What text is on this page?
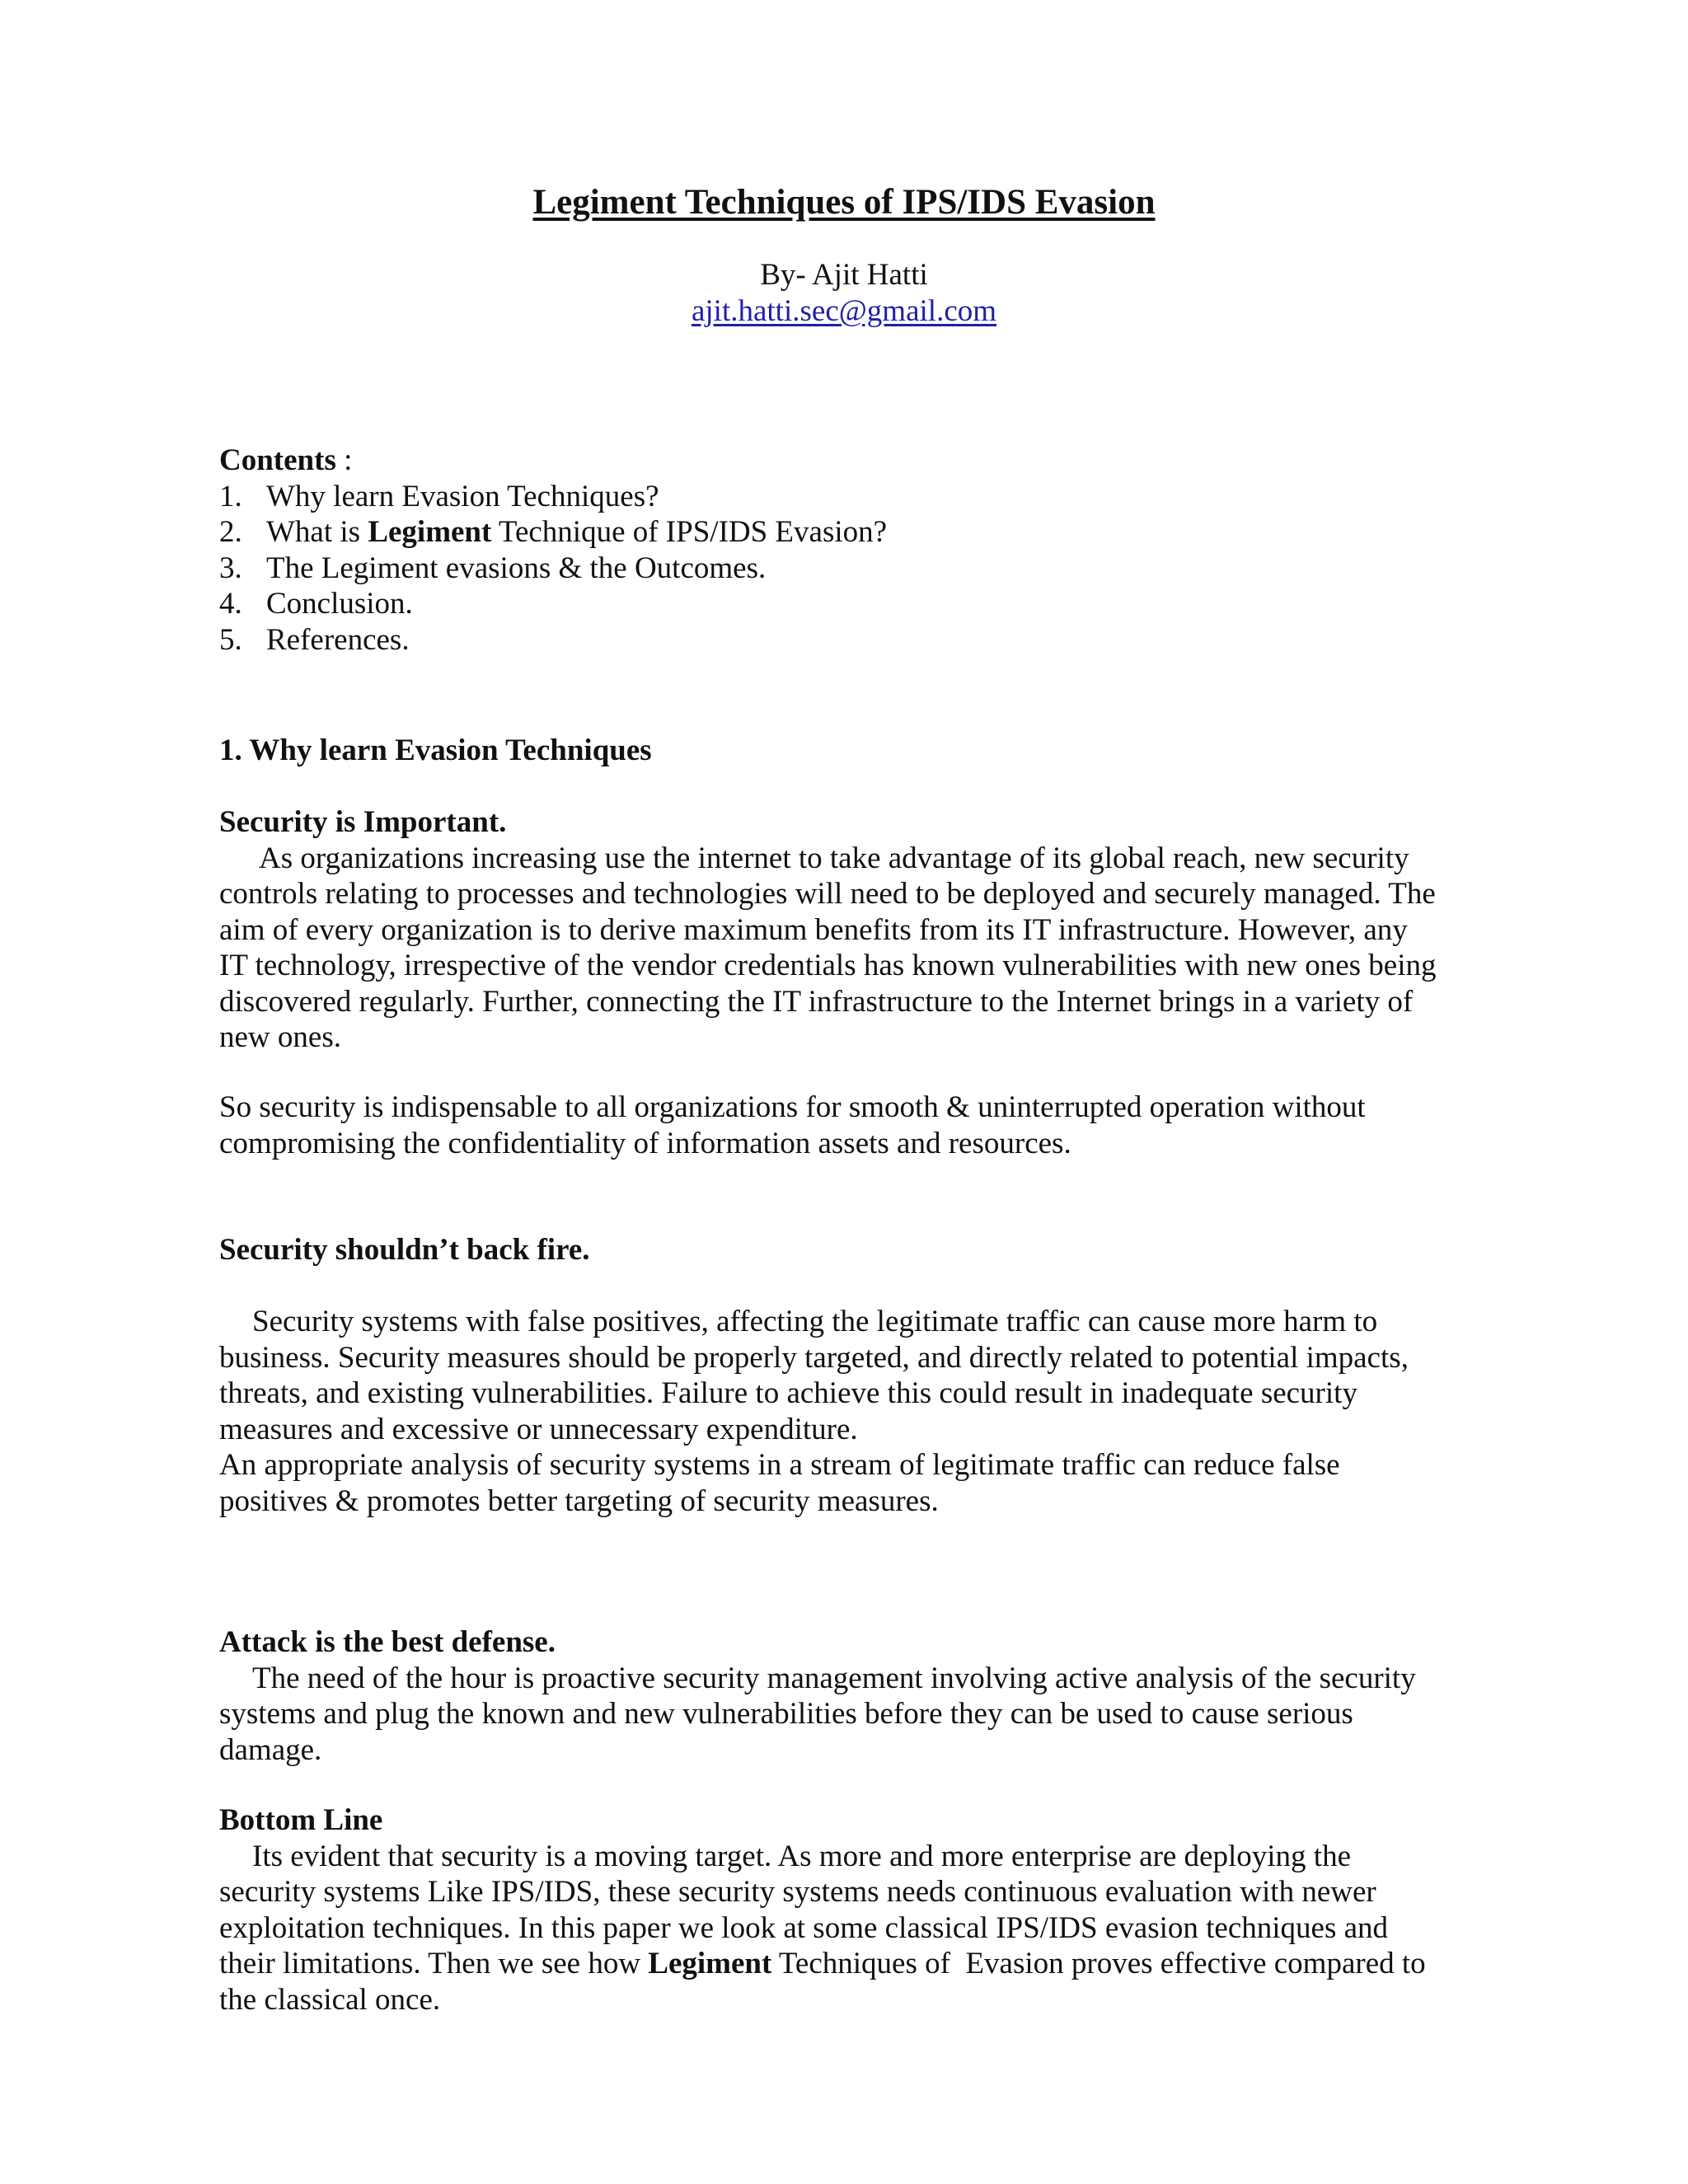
Legiment Techniques of IPS/IDS Evasion
By- Ajit Hatti
ajit.hatti.sec@gmail.com
Contents :
1. Why learn Evasion Techniques?
2. What is Legiment Technique of IPS/IDS Evasion?
3. The Legiment evasions & the Outcomes.
4. Conclusion.
5. References.
1. Why learn Evasion Techniques
Security is Important.
As organizations increasing use the internet to take advantage of its global reach, new security
controls relating to processes and technologies will need to be deployed and securely managed. The
aim of every organization is to derive maximum benefits from its IT infrastructure. However, any
IT technology, irrespective of the vendor credentials has known vulnerabilities with new ones being
discovered regularly. Further, connecting the IT infrastructure to the Internet brings in a variety of
new ones.
So security is indispensable to all organizations for smooth & uninterrupted operation without
compromising the confidentiality of information assets and resources.
Security shouldn’t back fire.
Security systems with false positives, affecting the legitimate traffic can cause more harm to
business. Security measures should be properly targeted, and directly related to potential impacts,
threats, and existing vulnerabilities. Failure to achieve this could result in inadequate security
measures and excessive or unnecessary expenditure.
An appropriate analysis of security systems in a stream of legitimate traffic can reduce false
positives & promotes better targeting of security measures.
Attack is the best defense.
The need of the hour is proactive security management involving active analysis of the security
systems and plug the known and new vulnerabilities before they can be used to cause serious
damage.
Bottom Line
Its evident that security is a moving target. As more and more enterprise are deploying the
security systems Like IPS/IDS, these security systems needs continuous evaluation with newer
exploitation techniques. In this paper we look at some classical IPS/IDS evasion techniques and
their limitations. Then we see how Legiment Techniques of  Evasion proves effective compared to
the classical once.
